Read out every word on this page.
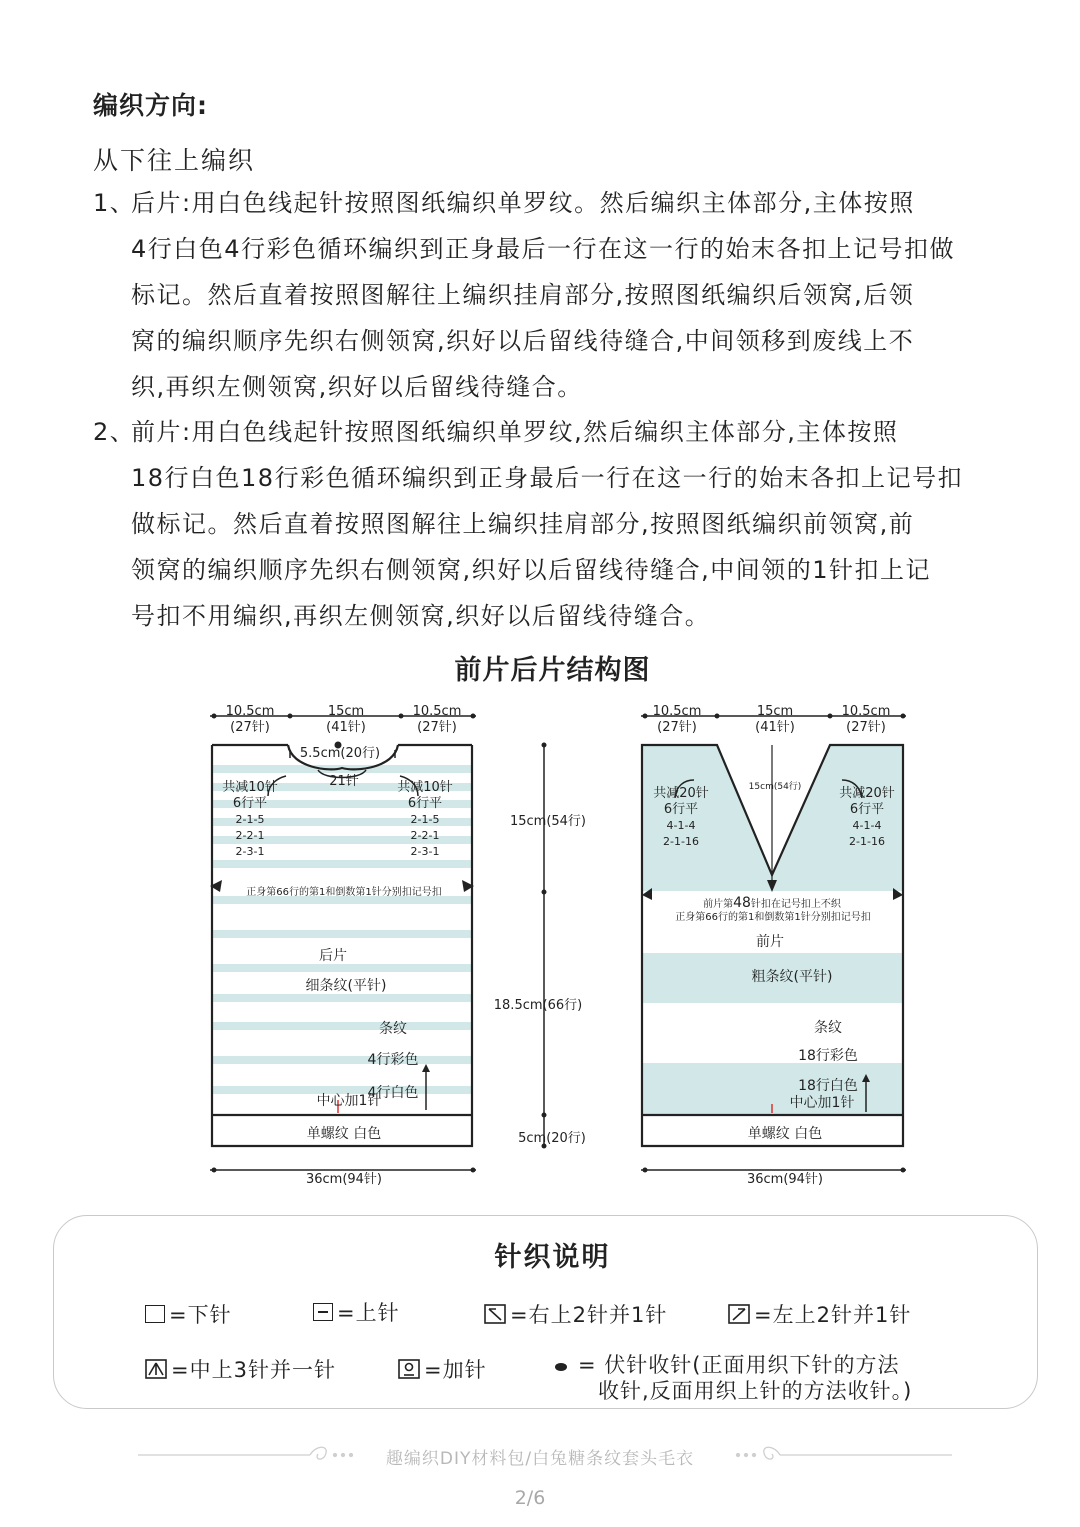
编织方向:
从下往上编织
1、
后片:用白色线起针按照图纸编织单罗纹。然后编织主体部分,主体按照
4行白色4行彩色循环编织到正身最后一行在这一行的始末各扣上记号扣做
标记。然后直着按照图解往上编织挂肩部分,按照图纸编织后领窝,后领
窝的编织顺序先织右侧领窝,织好以后留线待缝合,中间领移到废线上不
织,再织左侧领窝,织好以后留线待缝合。
2、
前片:用白色线起针按照图纸编织单罗纹,然后编织主体部分,主体按照
18行白色18行彩色循环编织到正身最后一行在这一行的始末各扣上记号扣
做标记。然后直着按照图解往上编织挂肩部分,按照图纸编织前领窝,前
领窝的编织顺序先织右侧领窝,织好以后留线待缝合,中间领的1针扣上记
号扣不用编织,再织左侧领窝,织好以后留线待缝合。
前片后片结构图
10.5cm
(27针)
15cm
(41针)
10.5cm
(27针)
5.5cm(20行)
21针
共减10针
6行平
2-1-5
2-2-1
2-3-1
共减10针
6行平
2-1-5
2-2-1
2-3-1
正身第66行的第1和倒数第1针分别扣记号扣
后片
细条纹(平针)
条纹
4行彩色
4行白色
中心加1针
单螺纹 白色
36cm(94针)
15cm(54行)
18.5cm(66行)
5cm(20行)
10.5cm
(27针)
15cm
(41针)
10.5cm
(27针)
15cm(54行)
共减20针
6行平
4-1-4
2-1-16
共减20针
6行平
4-1-4
2-1-16
前片第48针扣在记号扣上不织
正身第66行的第1和倒数第1针分别扣记号扣
前片
粗条纹(平针)
条纹
18行彩色
18行白色
中心加1针
单螺纹 白色
36cm(94针)
针织说明
=下针	=上针	=右上2针并1针	=左上2针并1针
=中上3针并一针	=加针	= 伏针收针(正面用织下针的方法
收针,反面用织上针的方法收针。)
趣编织DIY材料包/白兔糖条纹套头毛衣
2/6
